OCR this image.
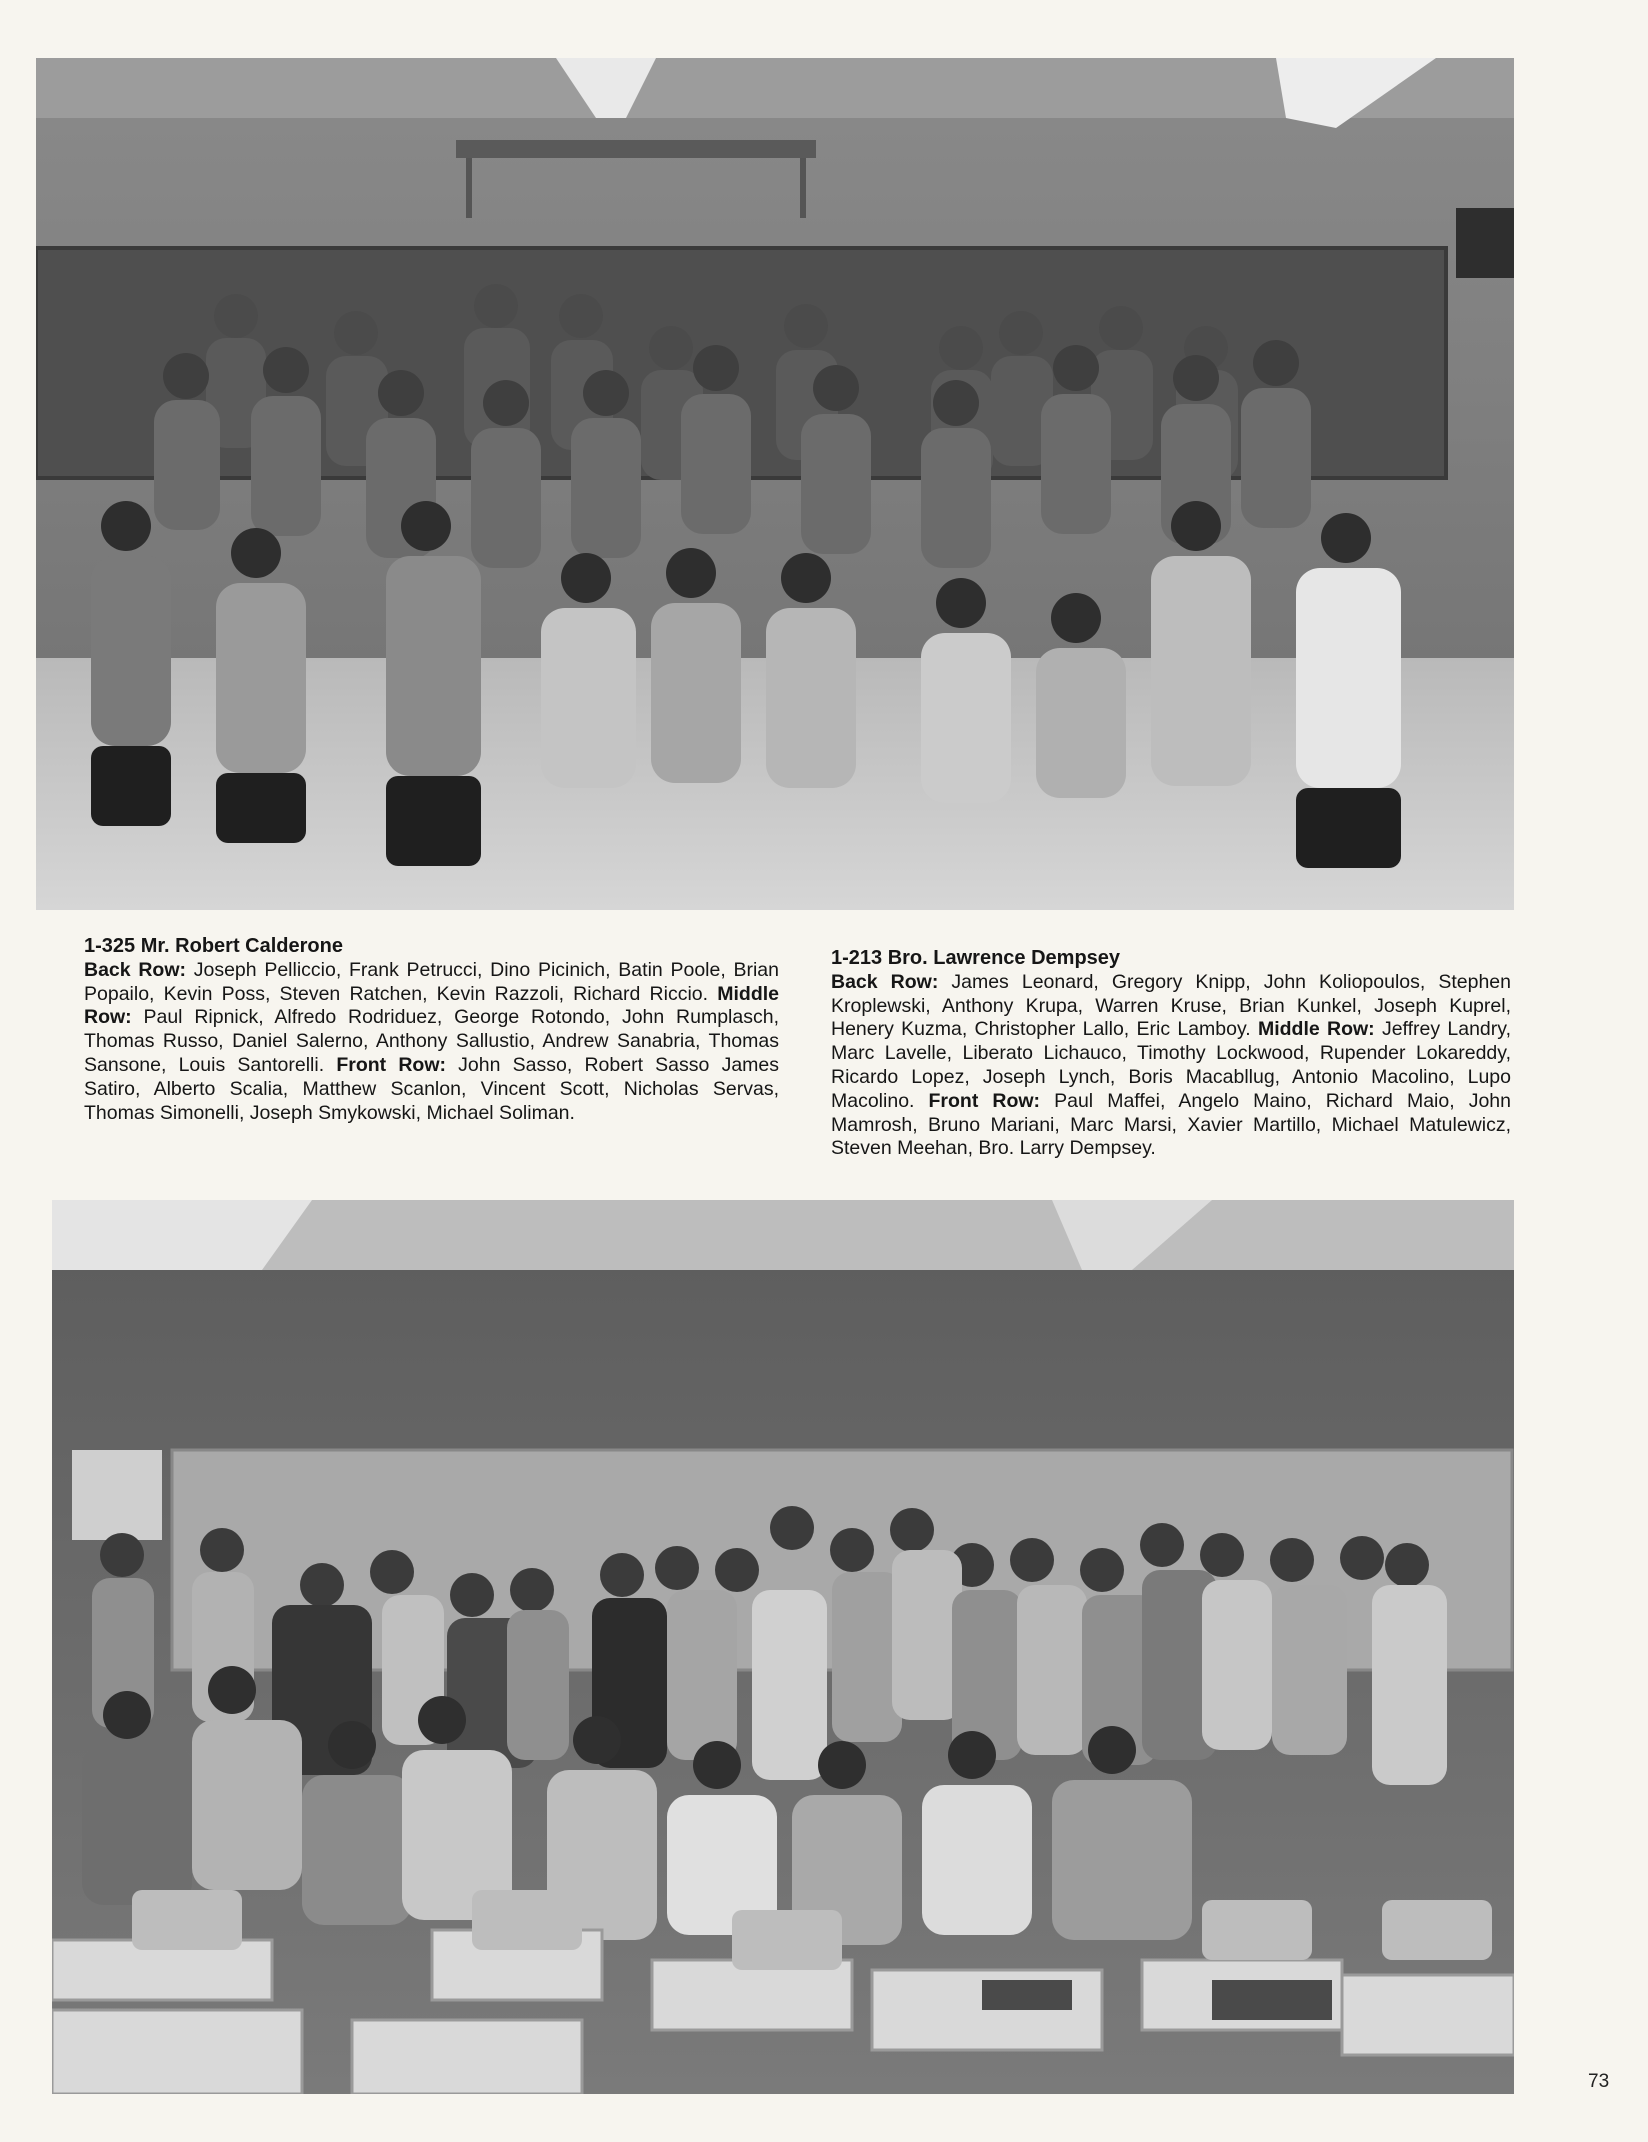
1-325 Mr. Robert Calderone
Back Row: Joseph Pelliccio, Frank Petrucci, Dino Picinich, Batin Poole, Brian Popailo, Kevin Poss, Steven Ratchen, Kevin Razzoli, Richard Riccio. Middle Row: Paul Ripnick, Alfredo Rodriduez, George Rotondo, John Rumplasch, Thomas Russo, Daniel Salerno, Anthony Sallustio, Andrew Sanabria, Thomas Sansone, Louis Santorelli. Front Row: John Sasso, Robert Sasso James Satiro, Alberto Scalia, Matthew Scanlon, Vincent Scott, Nicholas Servas, Thomas Simonelli, Joseph Smykowski, Michael Soliman.
1-213 Bro. Lawrence Dempsey
Back Row: James Leonard, Gregory Knipp, John Koliopoulos, Stephen Kroplewski, Anthony Krupa, Warren Kruse, Brian Kunkel, Joseph Kuprel, Henery Kuzma, Christopher Lallo, Eric Lamboy. Middle Row: Jeffrey Landry, Marc Lavelle, Liberato Lichauco, Timothy Lockwood, Rupender Lokareddy, Ricardo Lopez, Joseph Lynch, Boris Macabllug, Antonio Macolino, Lupo Macolino. Front Row: Paul Maffei, Angelo Maino, Richard Maio, John Mamrosh, Bruno Mariani, Marc Marsi, Xavier Martillo, Michael Matulewicz, Steven Meehan, Bro. Larry Dempsey.
73
